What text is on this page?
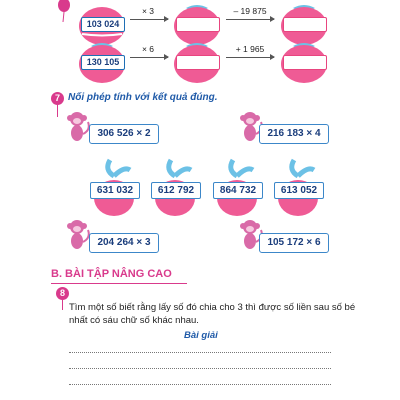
103 024
× 3	– 19 875
130 105
× 6	+ 1 965
7 Nối phép tính với kết quả đúng.
306 526 × 2	216 183 × 4
631 032	612 792	864 732	613 052
204 264 × 3	105 172 × 6
B. BÀI TẬP NÂNG CAO
8
Tìm một số biết rằng lấy số đó chia cho 3 thì được số liền sau số bé
nhất có sáu chữ số khác nhau.
Bài giải
